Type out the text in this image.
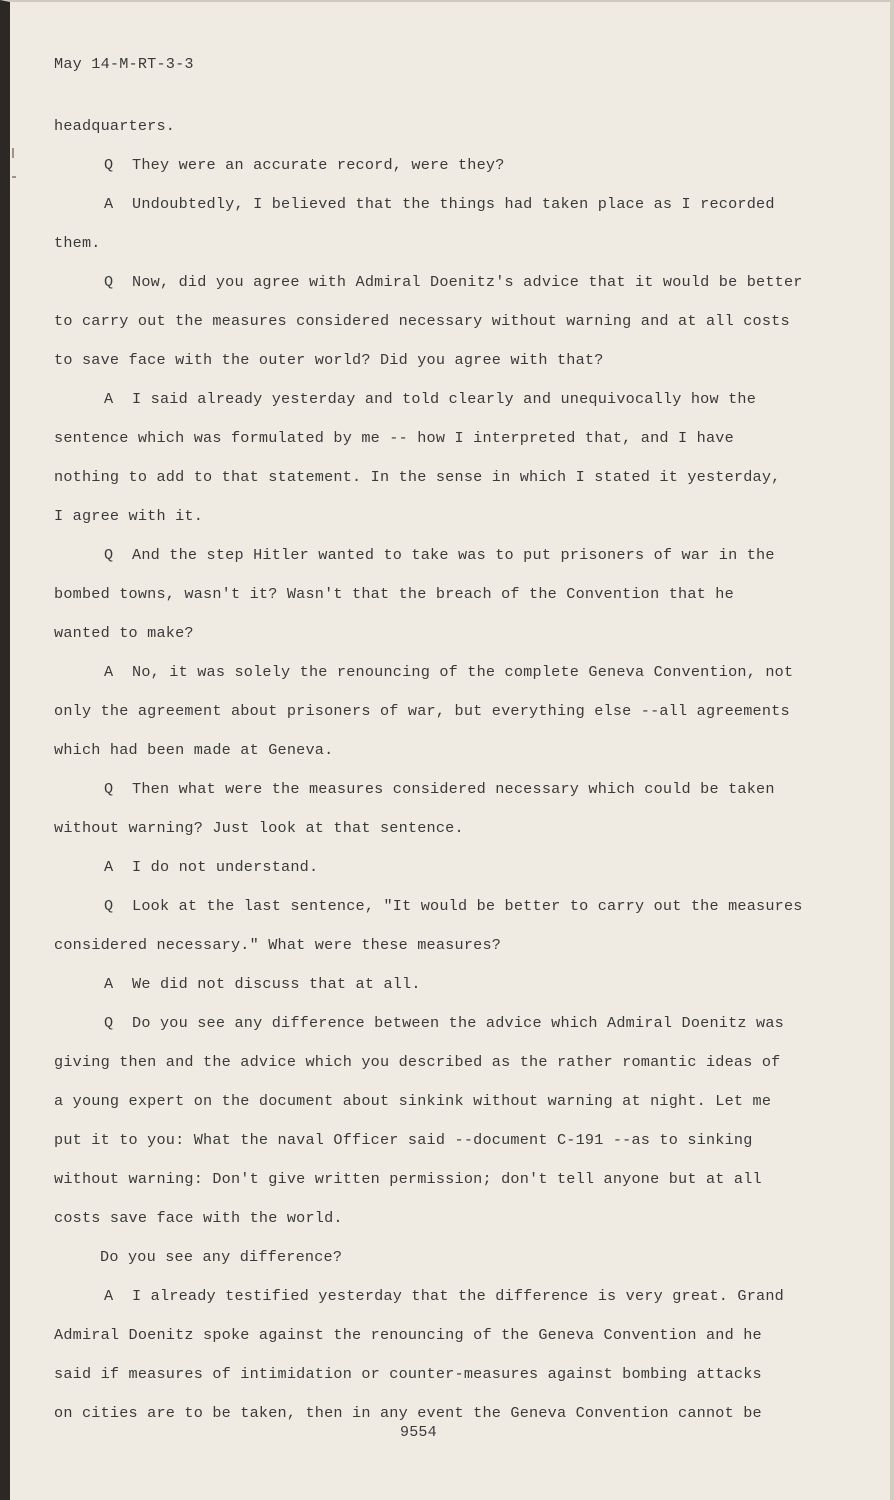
May 14-M-RT-3-3
headquarters.
Q They were an accurate record, were they?
A Undoubtedly, I believed that the things had taken place as I recorded
them.
Q Now, did you agree with Admiral Doenitz's advice that it would be better
to carry out the measures considered necessary without warning and at all costs
to save face with the outer world? Did you agree with that?
A I said already yesterday and told clearly and unequivocally how the
sentence which was formulated by me -- how I interpreted that, and I have
nothing to add to that statement. In the sense in which I stated it yesterday,
I agree with it.
Q And the step Hitler wanted to take was to put prisoners of war in the
bombed towns, wasn't it? Wasn't that the breach of the Convention that he
wanted to make?
A No, it was solely the renouncing of the complete Geneva Convention, not
only the agreement about prisoners of war, but everything else --all agreements
which had been made at Geneva.
Q Then what were the measures considered necessary which could be taken
without warning? Just look at that sentence.
A I do not understand.
Q Look at the last sentence, "It would be better to carry out the measures
considered necessary." What were these measures?
A We did not discuss that at all.
Q Do you see any difference between the advice which Admiral Doenitz was
giving then and the advice which you described as the rather romantic ideas of
a young expert on the document about sinkink without warning at night. Let me
put it to you: What the naval Officer said --document C-191 --as to sinking
without warning: Don't give written permission; don't tell anyone but at all
costs save face with the world.
Do you see any difference?
A I already testified yesterday that the difference is very great. Grand
Admiral Doenitz spoke against the renouncing of the Geneva Convention and he
said if measures of intimidation or counter-measures against bombing attacks
on cities are to be taken, then in any event the Geneva Convention cannot be
9554
